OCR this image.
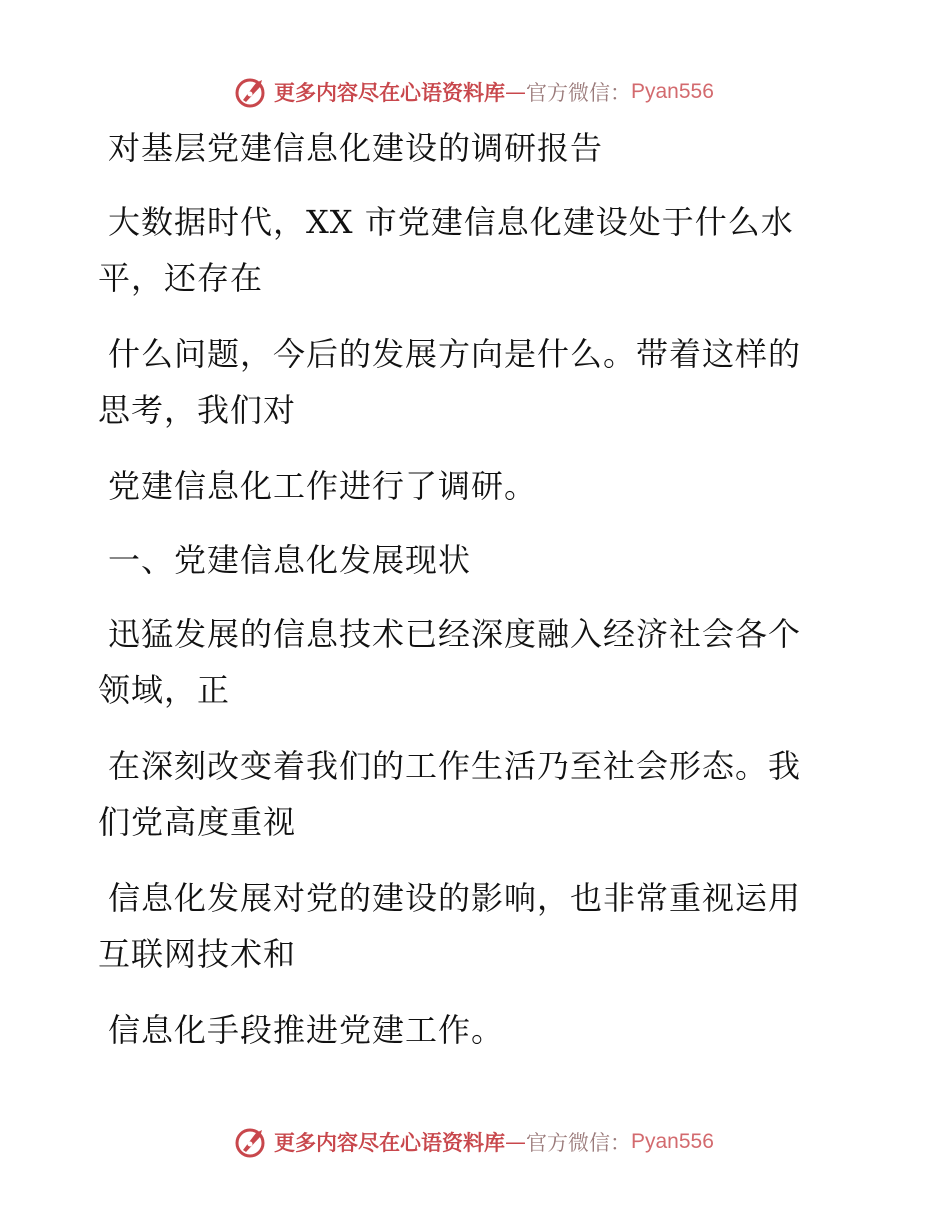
更多内容尽在心语资料库 — 官方微信： Pyan556
对基层党建信息化建设的调研报告
大数据时代，XX 市党建信息化建设处于什么水
平，还存在
什么问题，今后的发展方向是什么。带着这样的
思考，我们对
党建信息化工作进行了调研。
一、党建信息化发展现状
迅猛发展的信息技术已经深度融入经济社会各个
领域，正
在深刻改变着我们的工作生活乃至社会形态。我
们党高度重视
信息化发展对党的建设的影响，也非常重视运用
互联网技术和
信息化手段推进党建工作。
更多内容尽在心语资料库 — 官方微信： Pyan556
